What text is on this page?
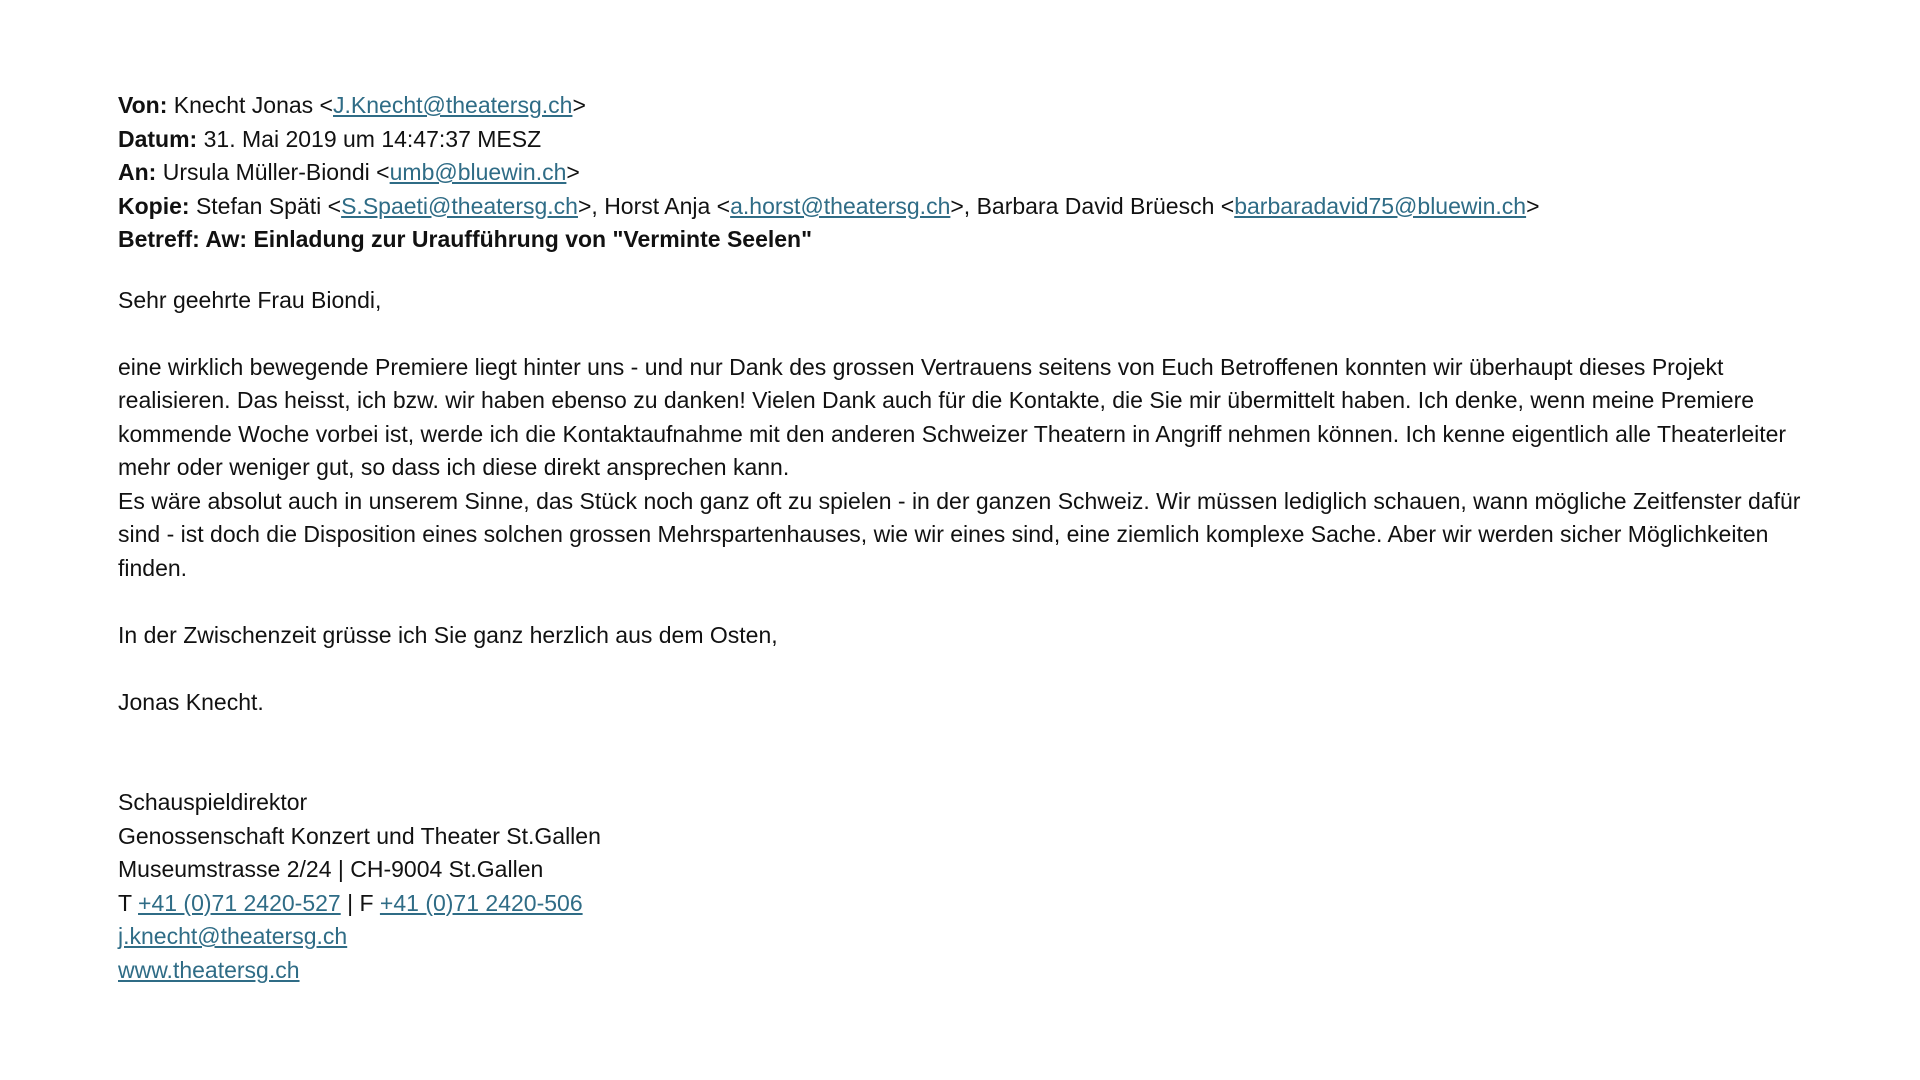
Von: Knecht Jonas <J.Knecht@theatersg.ch>
Datum: 31. Mai 2019 um 14:47:37 MESZ
An: Ursula Müller-Biondi <umb@bluewin.ch>
Kopie: Stefan Späti <S.Spaeti@theatersg.ch>, Horst Anja <a.horst@theatersg.ch>, Barbara David Brüesch <barbaradavid75@bluewin.ch>
Betreff: Aw: Einladung zur Uraufführung von "Verminte Seelen"

Sehr geehrte Frau Biondi,

eine wirklich bewegende Premiere liegt hinter uns - und nur Dank des grossen Vertrauens seitens von Euch Betroffenen konnten wir überhaupt dieses Projekt realisieren. Das heisst, ich bzw. wir haben ebenso zu danken! Vielen Dank auch für die Kontakte, die Sie mir übermittelt haben. Ich denke, wenn meine Premiere kommende Woche vorbei ist, werde ich die Kontaktaufnahme mit den anderen Schweizer Theatern in Angriff nehmen können. Ich kenne eigentlich alle Theaterleiter mehr oder weniger gut, so dass ich diese direkt ansprechen kann.

Es wäre absolut auch in unserem Sinne, das Stück noch ganz oft zu spielen - in der ganzen Schweiz. Wir müssen lediglich schauen, wann mögliche Zeitfenster dafür sind - ist doch die Disposition eines solchen grossen Mehrspartenhauses, wie wir eines sind, eine ziemlich komplexe Sache. Aber wir werden sicher Möglichkeiten finden.

In der Zwischenzeit grüsse ich Sie ganz herzlich aus dem Osten,

Jonas Knecht.

Schauspieldirektor

Genossenschaft Konzert und Theater St.Gallen

Museumstrasse 2/24 | CH-9004 St.Gallen

T +41 (0)71 2420-527 | F +41 (0)71 2420-506

j.knecht@theatersg.ch

www.theatersg.ch
